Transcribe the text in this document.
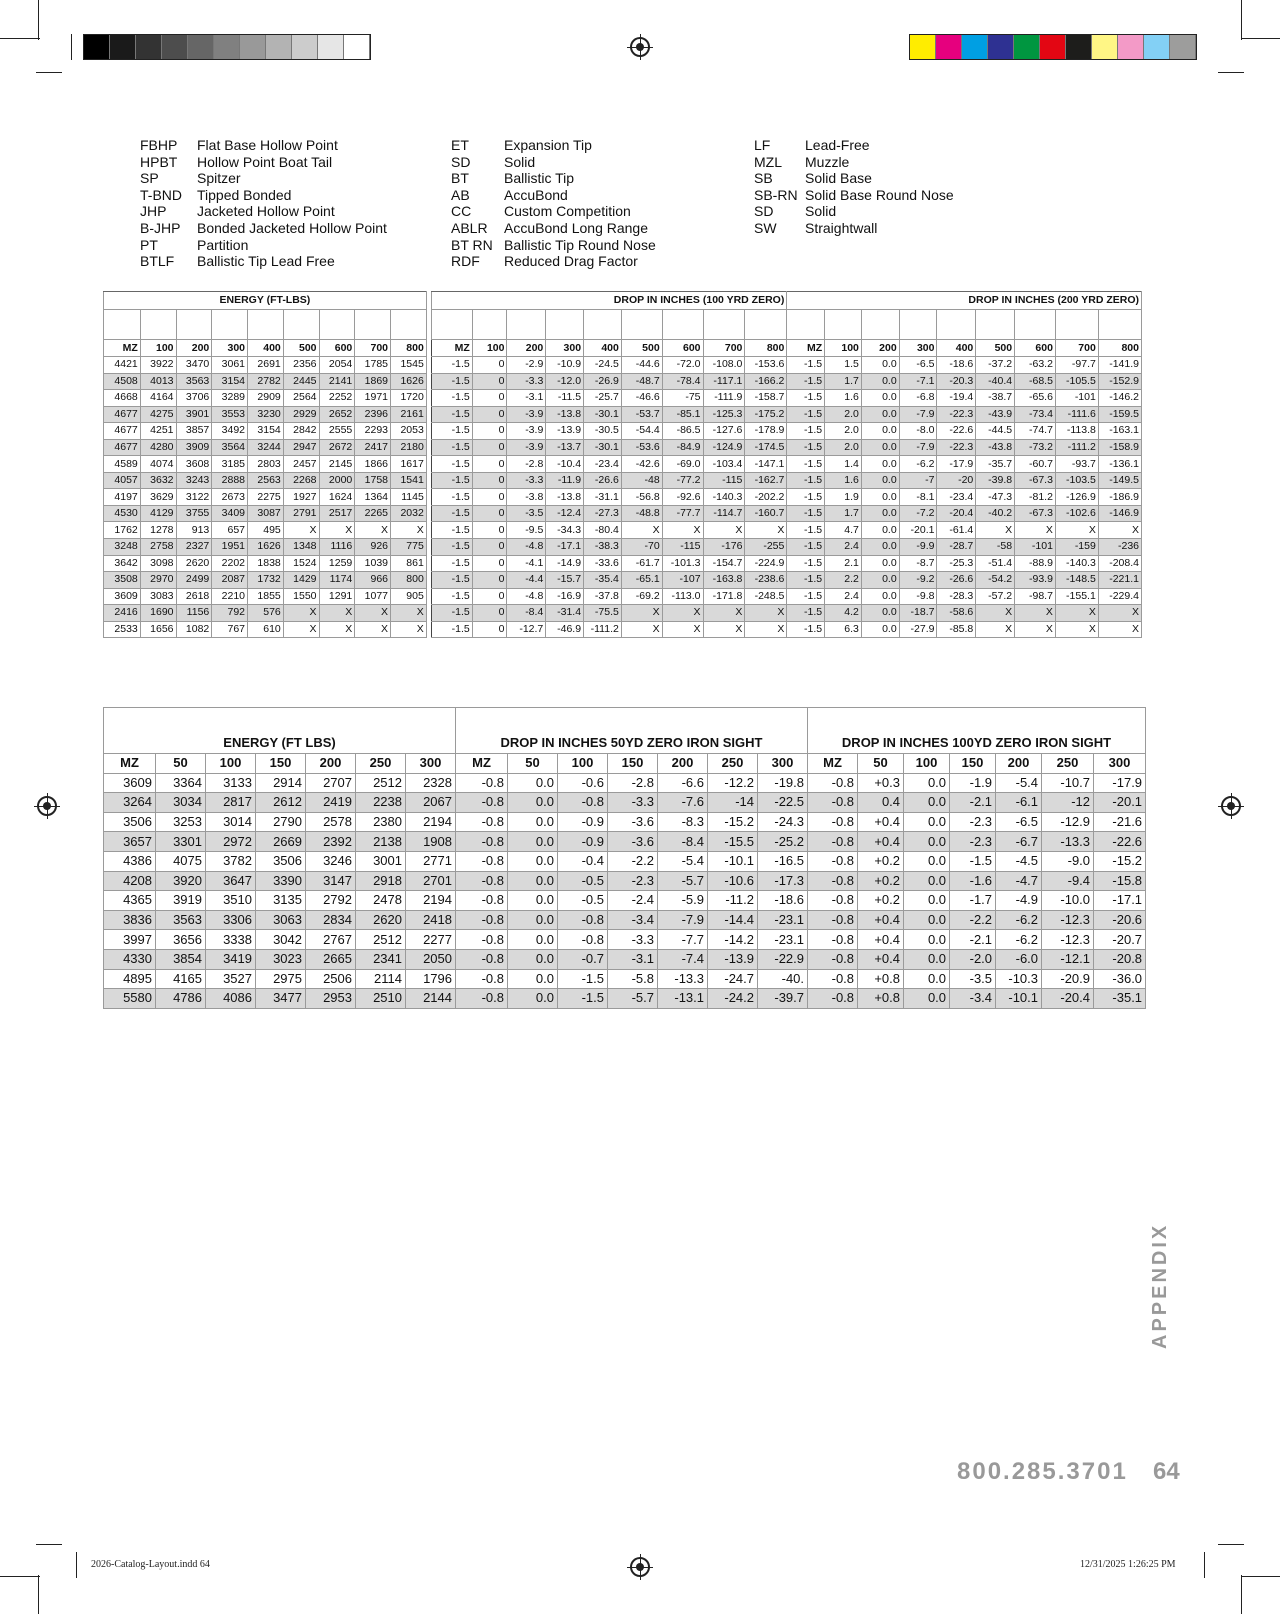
FBHP	Flat Base Hollow Point
HPBT	Hollow Point Boat Tail
SP	Spitzer
T-BND	Tipped Bonded
JHP	Jacketed Hollow Point
B-JHP	Bonded Jacketed Hollow Point
PT	Partition
BTLF	Ballistic Tip Lead Free
ET	Expansion Tip
SD	Solid
BT	Ballistic Tip
AB	AccuBond
CC	Custom Competition
ABLR	AccuBond Long Range
BT RN Ballistic Tip Round Nose
RDF	Reduced Drag Factor
LF	Lead-Free
MZL	Muzzle
SB	Solid Base
SB-RN Solid Base Round Nose
SD	Solid
SW	Straightwall
ENERGY (FT-LBS)										DROP IN INCHES (100 YRD ZERO)									DROP IN INCHES (200 YRD ZERO)								

MZ	100	200	300	400	500	600	700	800		MZ	100	200	300	400	500	600	700	800	MZ	100	200	300	400	500	600	700	800
4421	3922	3470	3061	2691	2356	2054	1785	1545		-1.5	0	-2.9	-10.9	-24.5	-44.6	-72.0	-108.0	-153.6	-1.5	1.5	0.0	-6.5	-18.6	-37.2	-63.2	-97.7	-141.9
4508	4013	3563	3154	2782	2445	2141	1869	1626		-1.5	0	-3.3	-12.0	-26.9	-48.7	-78.4	-117.1	-166.2	-1.5	1.7	0.0	-7.1	-20.3	-40.4	-68.5	-105.5	-152.9
4668	4164	3706	3289	2909	2564	2252	1971	1720		-1.5	0	-3.1	-11.5	-25.7	-46.6	-75	-111.9	-158.7	-1.5	1.6	0.0	-6.8	-19.4	-38.7	-65.6	-101	-146.2
4677	4275	3901	3553	3230	2929	2652	2396	2161		-1.5	0	-3.9	-13.8	-30.1	-53.7	-85.1	-125.3	-175.2	-1.5	2.0	0.0	-7.9	-22.3	-43.9	-73.4	-111.6	-159.5
4677	4251	3857	3492	3154	2842	2555	2293	2053		-1.5	0	-3.9	-13.9	-30.5	-54.4	-86.5	-127.6	-178.9	-1.5	2.0	0.0	-8.0	-22.6	-44.5	-74.7	-113.8	-163.1
4677	4280	3909	3564	3244	2947	2672	2417	2180		-1.5	0	-3.9	-13.7	-30.1	-53.6	-84.9	-124.9	-174.5	-1.5	2.0	0.0	-7.9	-22.3	-43.8	-73.2	-111.2	-158.9
4589	4074	3608	3185	2803	2457	2145	1866	1617		-1.5	0	-2.8	-10.4	-23.4	-42.6	-69.0	-103.4	-147.1	-1.5	1.4	0.0	-6.2	-17.9	-35.7	-60.7	-93.7	-136.1
4057	3632	3243	2888	2563	2268	2000	1758	1541		-1.5	0	-3.3	-11.9	-26.6	-48	-77.2	-115	-162.7	-1.5	1.6	0.0	-7	-20	-39.8	-67.3	-103.5	-149.5
4197	3629	3122	2673	2275	1927	1624	1364	1145		-1.5	0	-3.8	-13.8	-31.1	-56.8	-92.6	-140.3	-202.2	-1.5	1.9	0.0	-8.1	-23.4	-47.3	-81.2	-126.9	-186.9
4530	4129	3755	3409	3087	2791	2517	2265	2032		-1.5	0	-3.5	-12.4	-27.3	-48.8	-77.7	-114.7	-160.7	-1.5	1.7	0.0	-7.2	-20.4	-40.2	-67.3	-102.6	-146.9
1762	1278	913	657	495	X	X	X	X		-1.5	0	-9.5	-34.3	-80.4	X	X	X	X	-1.5	4.7	0.0	-20.1	-61.4	X	X	X	X
3248	2758	2327	1951	1626	1348	1116	926	775		-1.5	0	-4.8	-17.1	-38.3	-70	-115	-176	-255	-1.5	2.4	0.0	-9.9	-28.7	-58	-101	-159	-236
3642	3098	2620	2202	1838	1524	1259	1039	861		-1.5	0	-4.1	-14.9	-33.6	-61.7	-101.3	-154.7	-224.9	-1.5	2.1	0.0	-8.7	-25.3	-51.4	-88.9	-140.3	-208.4
3508	2970	2499	2087	1732	1429	1174	966	800		-1.5	0	-4.4	-15.7	-35.4	-65.1	-107	-163.8	-238.6	-1.5	2.2	0.0	-9.2	-26.6	-54.2	-93.9	-148.5	-221.1
3609	3083	2618	2210	1855	1550	1291	1077	905		-1.5	0	-4.8	-16.9	-37.8	-69.2	-113.0	-171.8	-248.5	-1.5	2.4	0.0	-9.8	-28.3	-57.2	-98.7	-155.1	-229.4
2416	1690	1156	792	576	X	X	X	X		-1.5	0	-8.4	-31.4	-75.5	X	X	X	X	-1.5	4.2	0.0	-18.7	-58.6	X	X	X	X
2533	1656	1082	767	610	X	X	X	X		-1.5	0	-12.7	-46.9	-111.2	X	X	X	X	-1.5	6.3	0.0	-27.9	-85.8	X	X	X	X
ENERGY (FT LBS)							DROP IN INCHES 50YD ZERO IRON SIGHT							DROP IN INCHES 100YD ZERO IRON SIGHT						
MZ	50	100	150	200	250	300	MZ	50	100	150	200	250	300	MZ	50	100	150	200	250	300
3609	3364	3133	2914	2707	2512	2328	-0.8	0.0	-0.6	-2.8	-6.6	-12.2	-19.8	-0.8	+0.3	0.0	-1.9	-5.4	-10.7	-17.9
3264	3034	2817	2612	2419	2238	2067	-0.8	0.0	-0.8	-3.3	-7.6	-14	-22.5	-0.8	0.4	0.0	-2.1	-6.1	-12	-20.1
3506	3253	3014	2790	2578	2380	2194	-0.8	0.0	-0.9	-3.6	-8.3	-15.2	-24.3	-0.8	+0.4	0.0	-2.3	-6.5	-12.9	-21.6
3657	3301	2972	2669	2392	2138	1908	-0.8	0.0	-0.9	-3.6	-8.4	-15.5	-25.2	-0.8	+0.4	0.0	-2.3	-6.7	-13.3	-22.6
4386	4075	3782	3506	3246	3001	2771	-0.8	0.0	-0.4	-2.2	-5.4	-10.1	-16.5	-0.8	+0.2	0.0	-1.5	-4.5	-9.0	-15.2
4208	3920	3647	3390	3147	2918	2701	-0.8	0.0	-0.5	-2.3	-5.7	-10.6	-17.3	-0.8	+0.2	0.0	-1.6	-4.7	-9.4	-15.8
4365	3919	3510	3135	2792	2478	2194	-0.8	0.0	-0.5	-2.4	-5.9	-11.2	-18.6	-0.8	+0.2	0.0	-1.7	-4.9	-10.0	-17.1
3836	3563	3306	3063	2834	2620	2418	-0.8	0.0	-0.8	-3.4	-7.9	-14.4	-23.1	-0.8	+0.4	0.0	-2.2	-6.2	-12.3	-20.6
3997	3656	3338	3042	2767	2512	2277	-0.8	0.0	-0.8	-3.3	-7.7	-14.2	-23.1	-0.8	+0.4	0.0	-2.1	-6.2	-12.3	-20.7
4330	3854	3419	3023	2665	2341	2050	-0.8	0.0	-0.7	-3.1	-7.4	-13.9	-22.9	-0.8	+0.4	0.0	-2.0	-6.0	-12.1	-20.8
4895	4165	3527	2975	2506	2114	1796	-0.8	0.0	-1.5	-5.8	-13.3	-24.7	-40.	-0.8	+0.8	0.0	-3.5	-10.3	-20.9	-36.0
5580	4786	4086	3477	2953	2510	2144	-0.8	0.0	-1.5	-5.7	-13.1	-24.2	-39.7	-0.8	+0.8	0.0	-3.4	-10.1	-20.4	-35.1
APPENDIX
800.285.3701 64
2026-Catalog-Layout.indd 64	12/31/2025 1:26:25 PM
